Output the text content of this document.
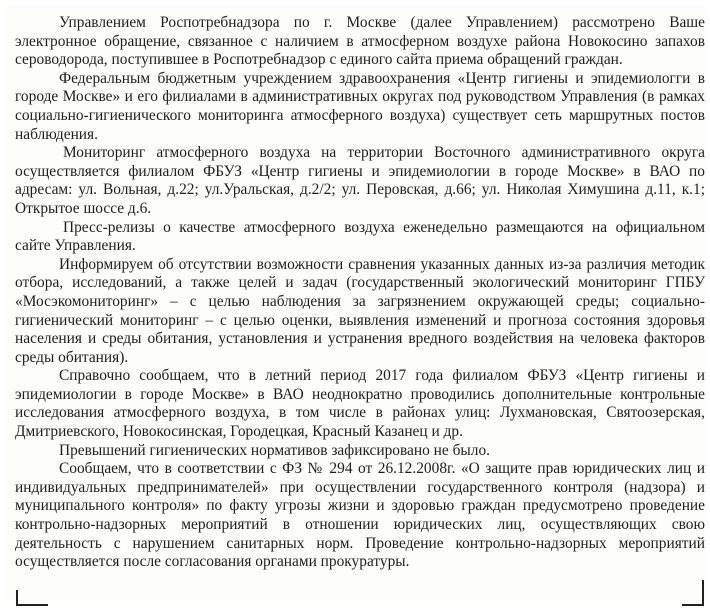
Управлением Роспотребнадзора по г. Москве (далее Управлением) рассмотрено Ваше электронное обращение, связанное с наличием в атмосферном воздухе района Новокосино запахов сероводорода, поступившее в Роспотребнадзор с единого сайта приема обращений граждан.

Федеральным бюджетным учреждением здравоохранения «Центр гигиены и эпидемиологги в городе Москве» и его филиалами в административных округах под руководством Управления (в рамках социально-гигиенического мониторинга атмосферного воздуха) существует сеть маршрутных постов наблюдения.

Мониторинг атмосферного воздуха на территории Восточного административного округа осуществляется филиалом ФБУЗ «Центр гигиены и эпидемиологии в городе Москве» в ВАО по адресам: ул. Вольная, д.22; ул.Уральская, д.2/2; ул. Перовская, д.66; ул. Николая Химушина д.11, к.1; Открытое шоссе д.6.

Пресс-релизы о качестве атмосферного воздуха еженедельно размещаются на официальном сайте Управления.

Информируем об отсутствии возможности сравнения указанных данных из-за различия методик отбора, исследований, а также целей и задач (государственный экологический мониторинг ГПБУ «Мосэкомониторинг» – с целью наблюдения за загрязнением окружающей среды; социально-гигиенический мониторинг – с целью оценки, выявления изменений и прогноза состояния здоровья населения и среды обитания, установления и устранения вредного воздействия на человека факторов среды обитания).

Справочно сообщаем, что в летний период 2017 года филиалом ФБУЗ «Центр гигиены и эпидемиологии в городе Москве» в ВАО неоднократно проводились дополнительные контрольные исследования атмосферного воздуха, в том числе в районах улиц: Лухмановская, Святоозерская, Дмитриевского, Новокосинская, Городецкая, Красный Казанец и др.

Превышений гигиенических нормативов зафиксировано не было.

Сообщаем, что в соответствии с ФЗ № 294 от 26.12.2008г. «О защите прав юридических лиц и индивидуальных предпринимателей» при осуществлении государственного контроля (надзора) и муниципального контроля» по факту угрозы жизни и здоровью граждан предусмотрено проведение контрольно-надзорных мероприятий в отношении юридических лиц, осуществляющих свою деятельность с нарушением санитарных норм. Проведение контрольно-надзорных мероприятий осуществляется после согласования органами прокуратуры.
